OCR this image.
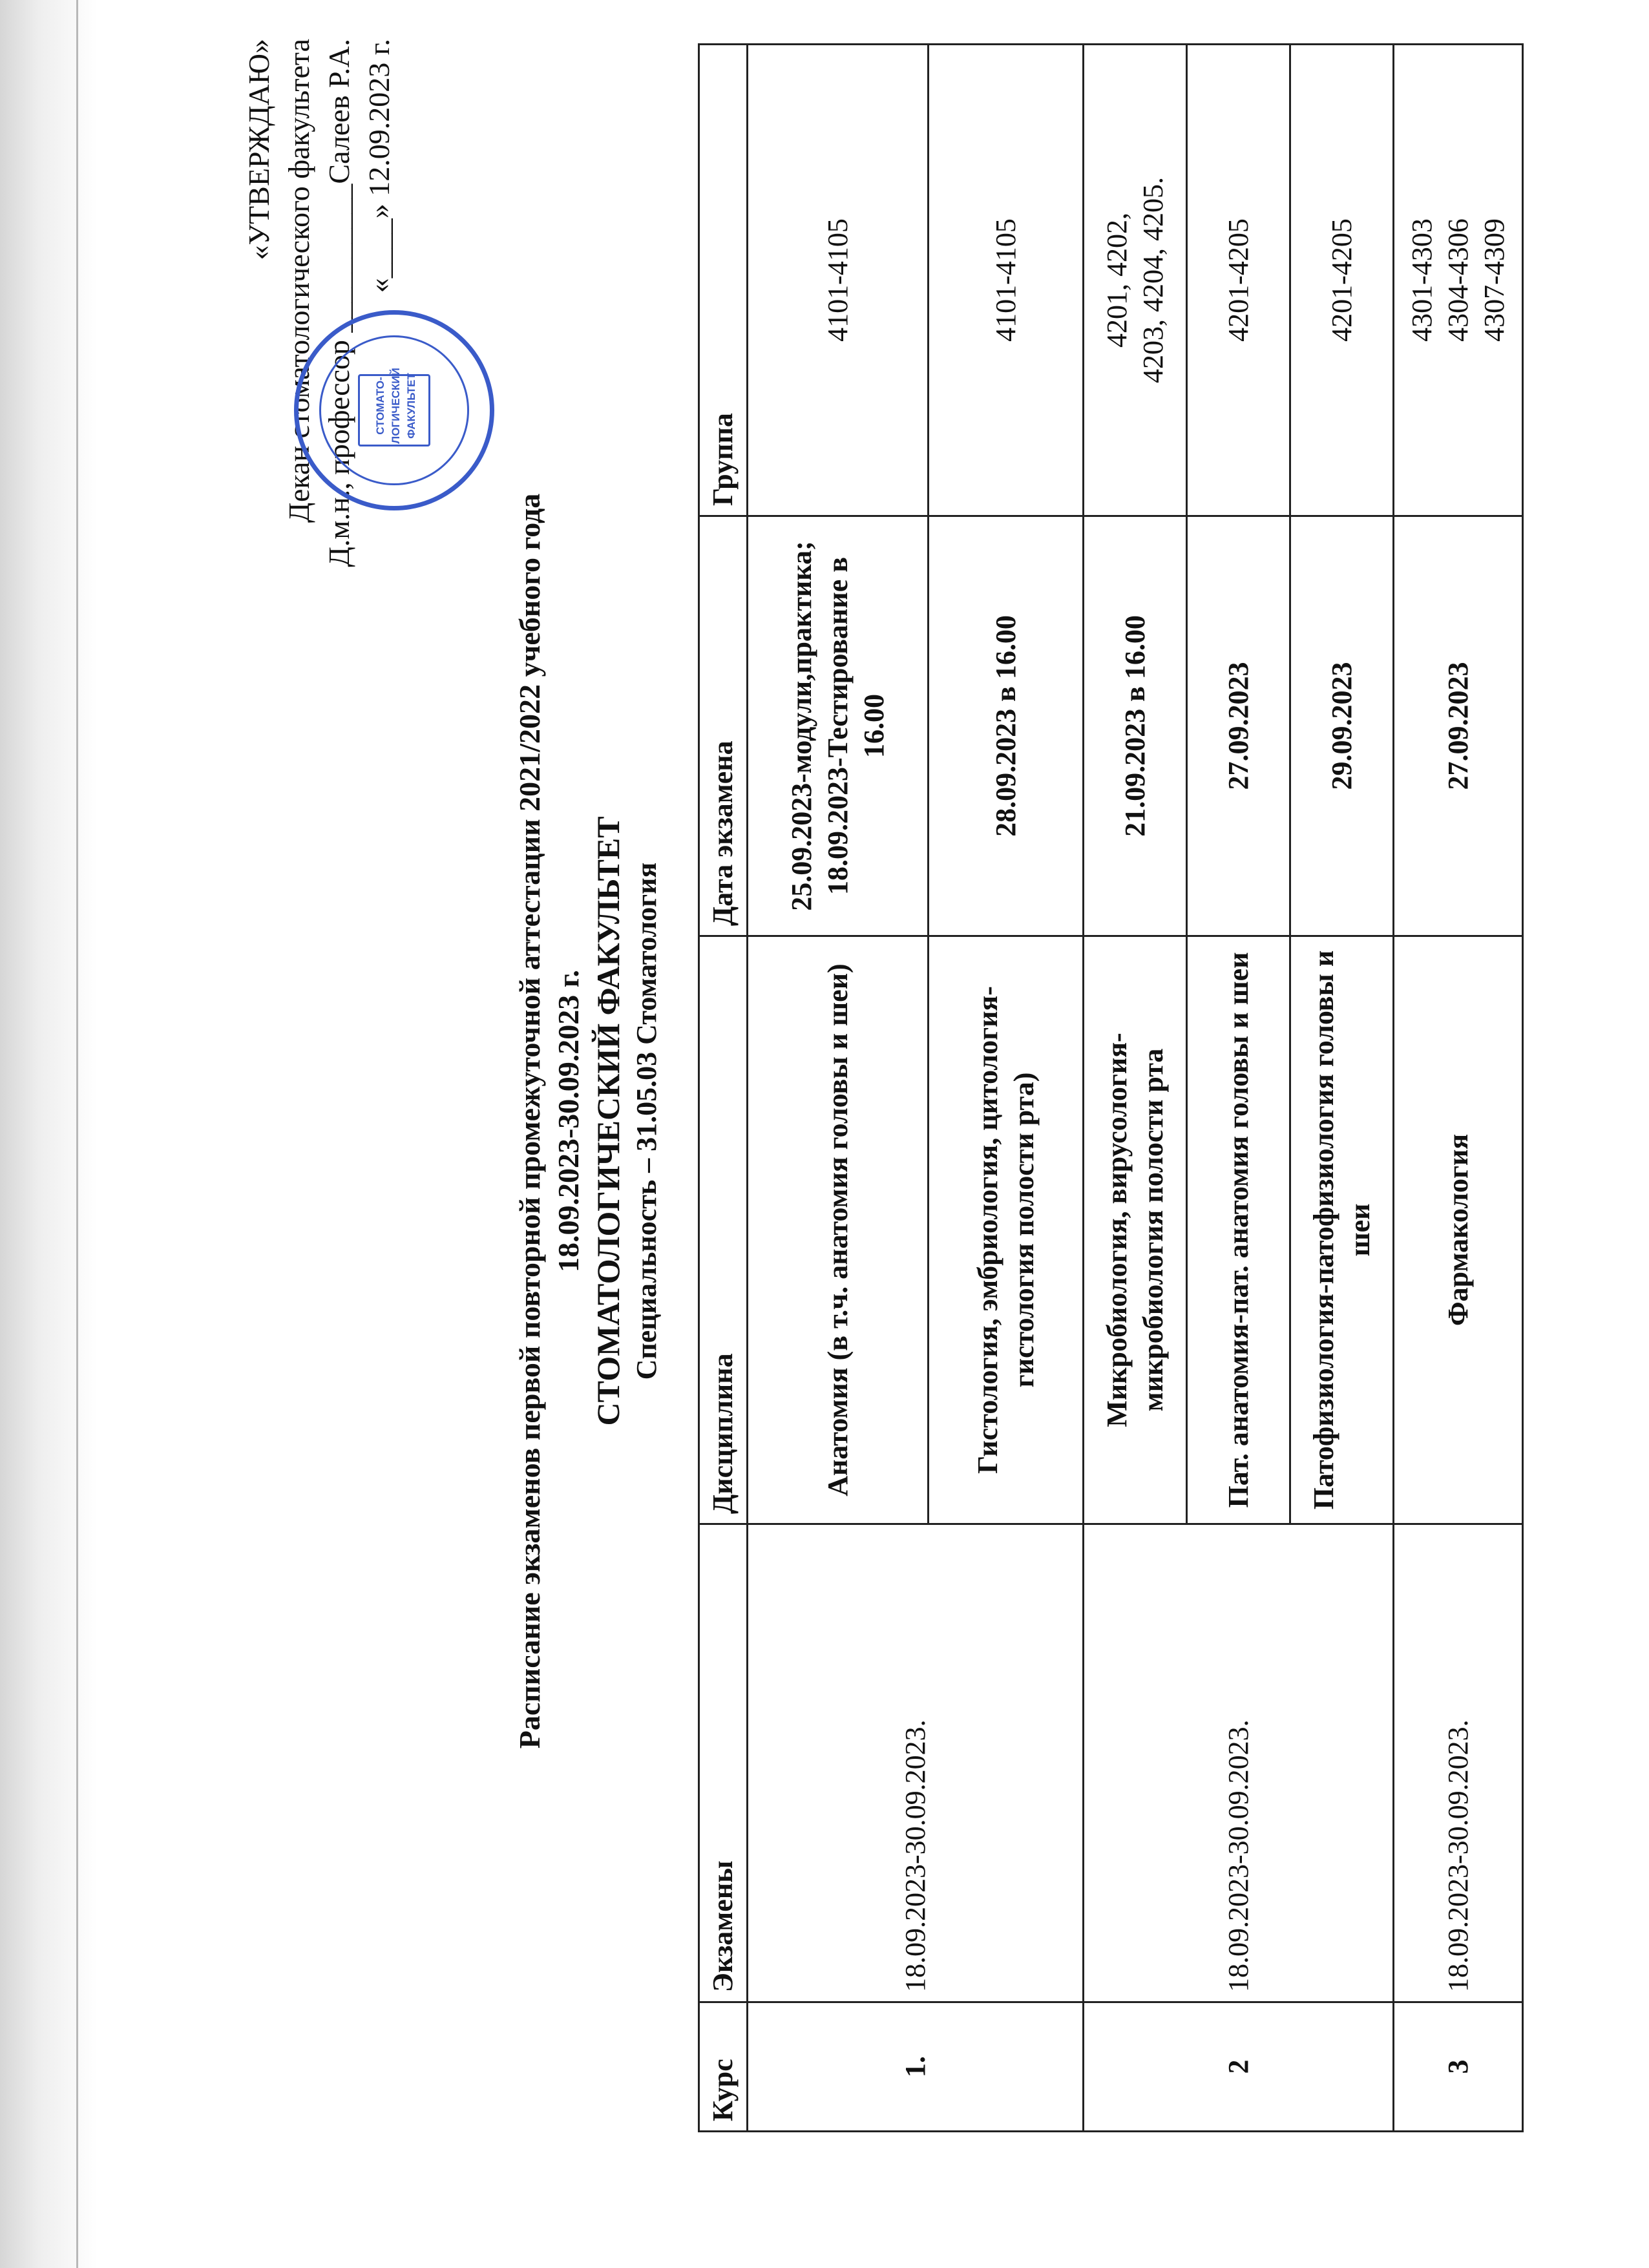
«УТВЕРЖДАЮ» Декан стоматологического факультета Д.м.н., профессор __________Салеев Р.А. «____» 12.09.2023 г.
СТОМАТО-ЛОГИЧЕСКИЙ ФАКУЛЬТЕТ
Расписание экзаменов первой повторной промежуточной аттестации 2021/2022 учебного года 18.09.2023-30.09.2023 г. СТОМАТОЛОГИЧЕСКИЙ ФАКУЛЬТЕТ Специальность – 31.05.03 Стоматология
Курс	Экзамены	Дисциплина	Дата экзамена	Группа
1.	18.09.2023-30.09.2023.	Анатомия (в т.ч. анатомия головы и шеи)	25.09.2023-модули,практика;
18.09.2023-Тестирование в 16.00	4101-4105
		Гистология, эмбриология, цитология- гистология полости рта)	28.09.2023 в 16.00	4101-4105
2	18.09.2023-30.09.2023.	Микробиология, вирусология-микробиология полости рта	21.09.2023 в 16.00	4201, 4202,
4203, 4204, 4205.
		Пат. анатомия-пат. анатомия головы и шеи	27.09.2023	4201-4205
		Патофизиология-патофизиология головы и шеи	29.09.2023	4201-4205
3	18.09.2023-30.09.2023.	Фармакология	27.09.2023	4301-4303
4304-4306
4307-4309
